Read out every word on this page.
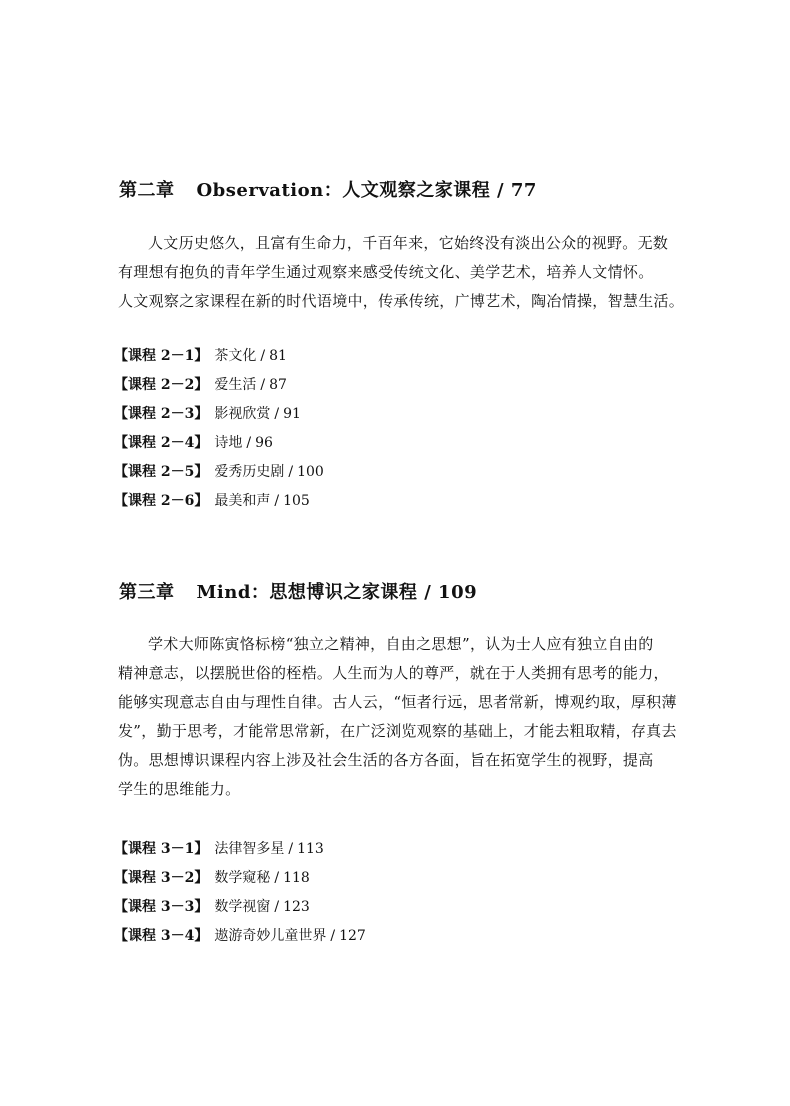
第二章 Observation：人文观察之家课程 / 77

人文历史悠久，且富有生命力，千百年来，它始终没有淡出公众的视野。无数
有理想有抱负的青年学生通过观察来感受传统文化、美学艺术，培养人文情怀。
人文观察之家课程在新的时代语境中，传承传统，广博艺术，陶冶情操，智慧生活。

【课程 2－1】 茶文化 / 81
【课程 2－2】 爱生活 / 87
【课程 2－3】 影视欣赏 / 91
【课程 2－4】 诗地 / 96
【课程 2－5】 爱秀历史剧 / 100
【课程 2－6】 最美和声 / 105
第三章 Mind：思想博识之家课程 / 109

学术大师陈寅恪标榜“独立之精神，自由之思想”，认为士人应有独立自由的
精神意志，以摆脱世俗的桎梏。人生而为人的尊严，就在于人类拥有思考的能力，
能够实现意志自由与理性自律。古人云，“恒者行远，思者常新，博观约取，厚积薄
发”，勤于思考，才能常思常新，在广泛浏览观察的基础上，才能去粗取精，存真去
伪。思想博识课程内容上涉及社会生活的各方各面，旨在拓宽学生的视野，提高
学生的思维能力。

【课程 3－1】 法律智多星 / 113
【课程 3－2】 数学窥秘 / 118
【课程 3－3】 数学视窗 / 123
【课程 3－4】 遨游奇妙儿童世界 / 127
